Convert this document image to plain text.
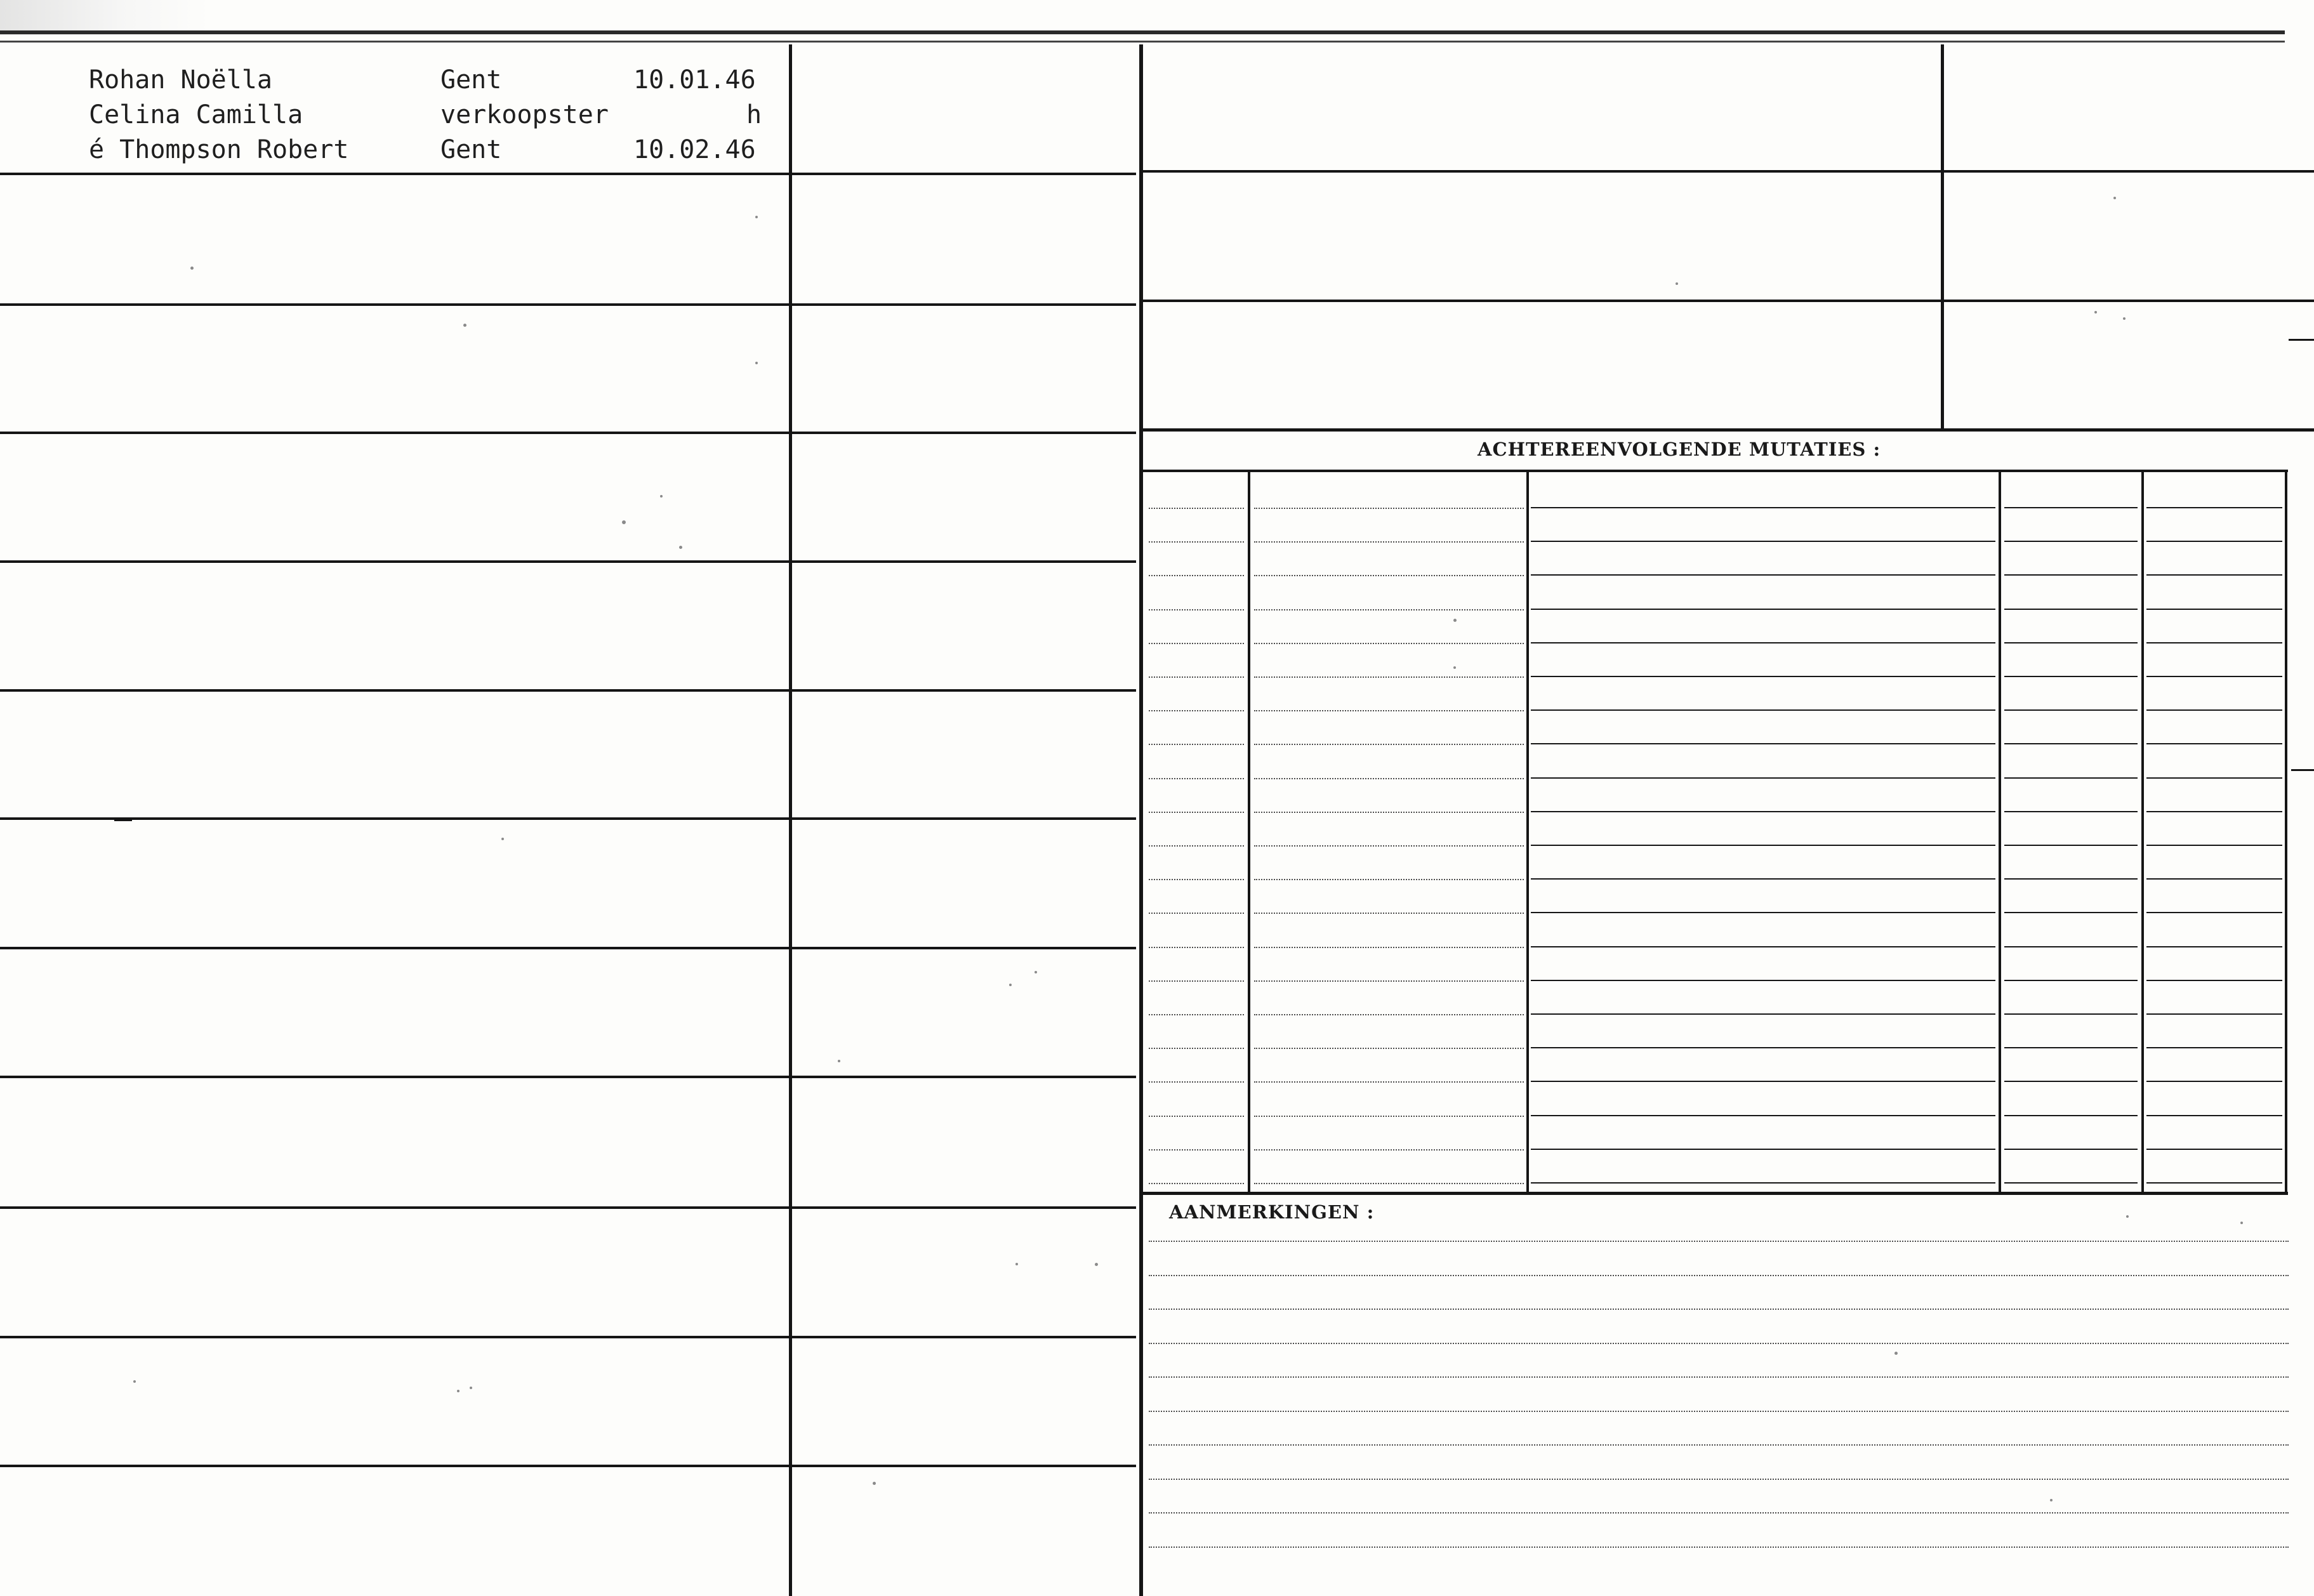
Rohan Noëlla	Gent	10.01.46
Celina Camilla	verkoopster	h
é Thompson Robert	Gent	10.02.46
ACHTEREENVOLGENDE MUTATIES :
AANMERKINGEN :
